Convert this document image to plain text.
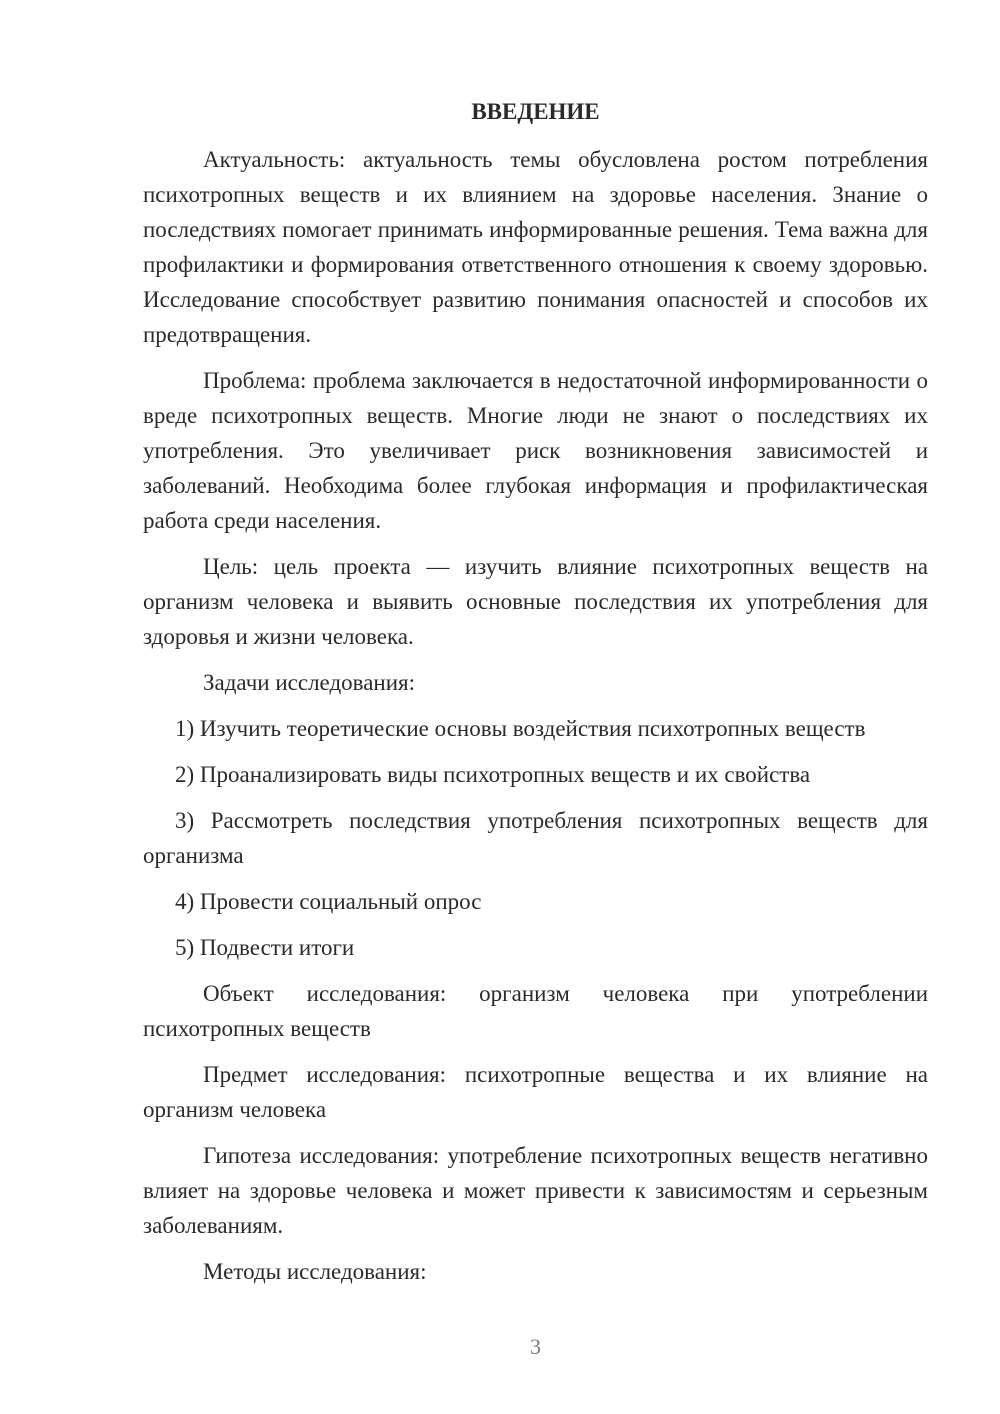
ВВЕДЕНИЕ

Актуальность: актуальность темы обусловлена ростом потребления психотропных веществ и их влиянием на здоровье населения. Знание о последствиях помогает принимать информированные решения. Тема важна для профилактики и формирования ответственного отношения к своему здоровью. Исследование способствует развитию понимания опасностей и способов их предотвращения.

Проблема: проблема заключается в недостаточной информированности о вреде психотропных веществ. Многие люди не знают о последствиях их употребления. Это увеличивает риск возникновения зависимостей и заболеваний. Необходима более глубокая информация и профилактическая работа среди населения.

Цель: цель проекта — изучить влияние психотропных веществ на организм человека и выявить основные последствия их употребления для здоровья и жизни человека.

Задачи исследования:

1) Изучить теоретические основы воздействия психотропных веществ

2) Проанализировать виды психотропных веществ и их свойства

3) Рассмотреть последствия употребления психотропных веществ для организма

4) Провести социальный опрос

5) Подвести итоги

Объект исследования: организм человека при употреблении психотропных веществ

Предмет исследования: психотропные вещества и их влияние на организм человека

Гипотеза исследования: употребление психотропных веществ негативно влияет на здоровье человека и может привести к зависимостям и серьезным заболеваниям.

Методы исследования:

3
